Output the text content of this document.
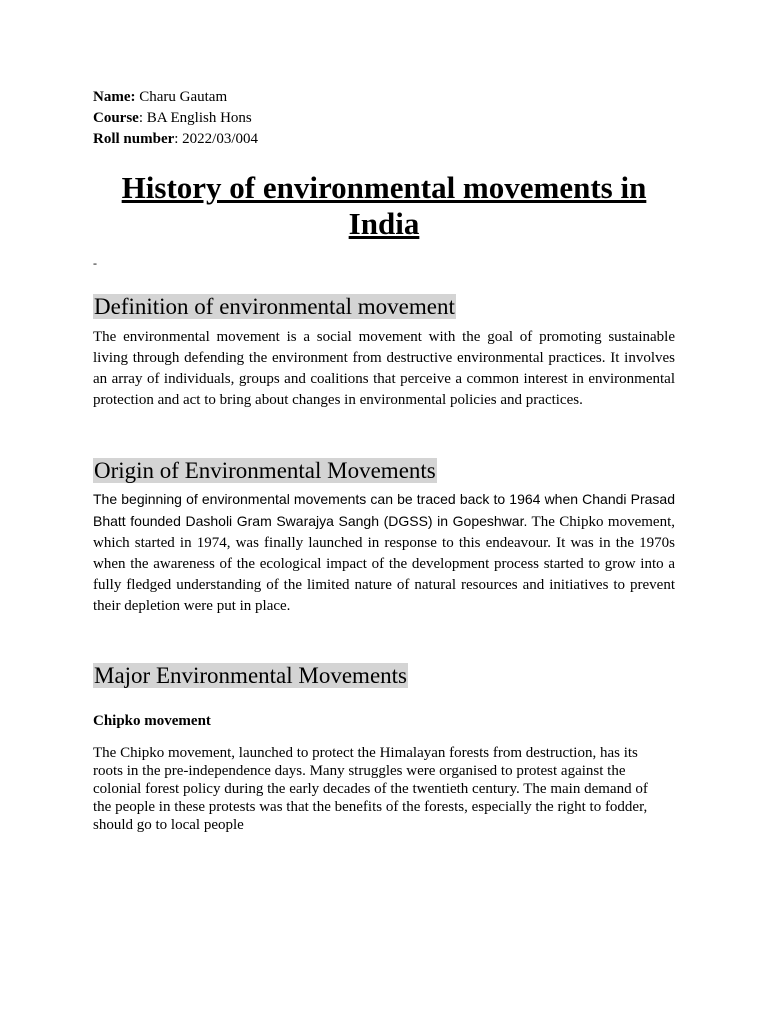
Name: Charu Gautam
Course: BA English Hons
Roll number: 2022/03/004
History of environmental movements in India
-
Definition of environmental movement

The environmental movement is a social movement with the goal of promoting sustainable living through defending the environment from destructive environmental practices. It involves an array of individuals, groups and coalitions that perceive a common interest in environmental protection and act to bring about changes in environmental policies and practices.

Origin of Environmental Movements

The beginning of environmental movements can be traced back to 1964 when Chandi Prasad Bhatt founded Dasholi Gram Swarajya Sangh (DGSS) in Gopeshwar. The Chipko movement, which started in 1974, was finally launched in response to this endeavour. It was in the 1970s when the awareness of the ecological impact of the development process started to grow into a fully fledged understanding of the limited nature of natural resources and initiatives to prevent their depletion were put in place.

Major Environmental Movements
Chipko movement

The Chipko movement, launched to protect the Himalayan forests from destruction, has its roots in the pre-independence days. Many struggles were organised to protest against the colonial forest policy during the early decades of the twentieth century. The main demand of the people in these protests was that the benefits of the forests, especially the right to fodder, should go to local people
